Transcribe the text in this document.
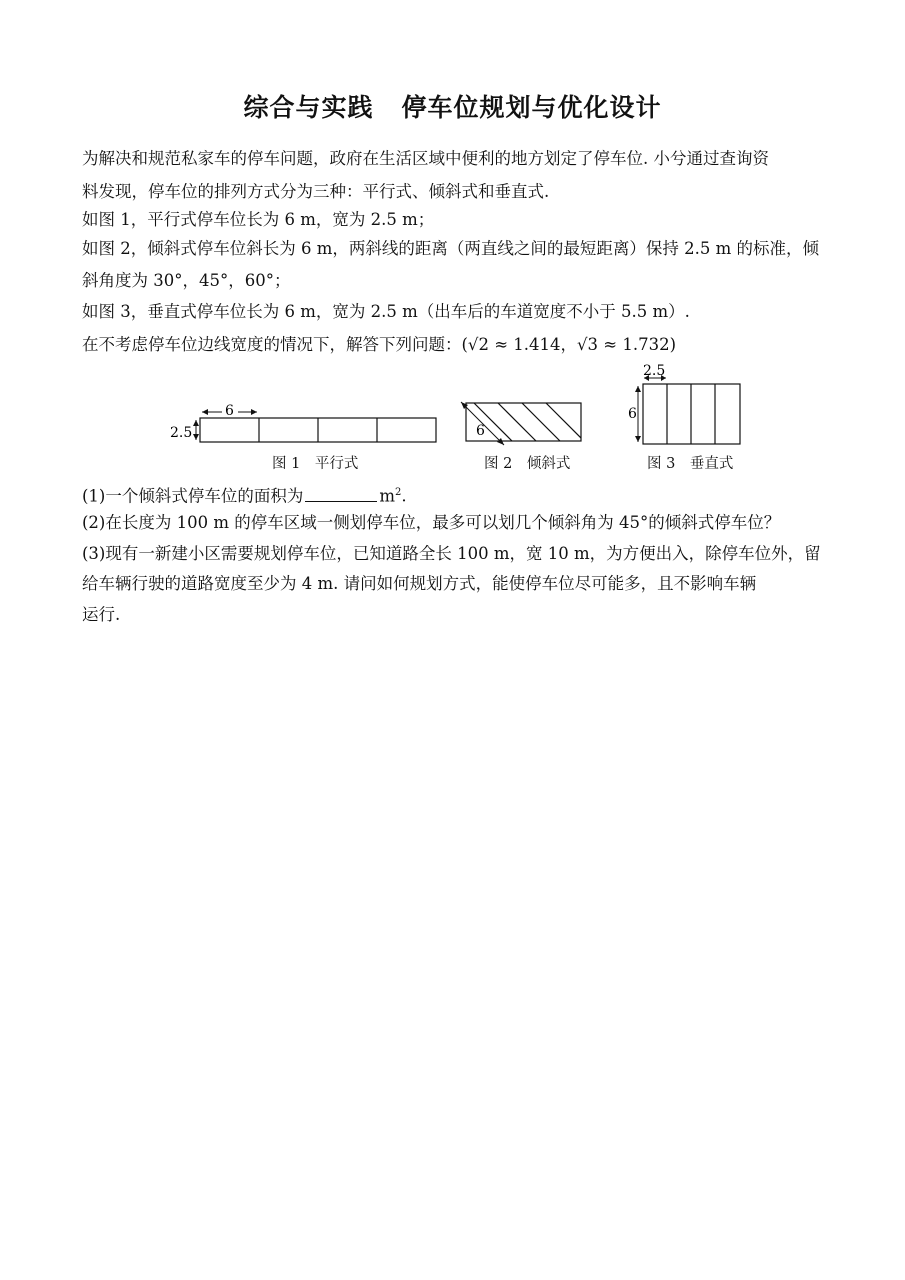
综合与实践 停车位规划与优化设计
为解决和规范私家车的停车问题，政府在生活区域中便利的地方划定了停车位. 小兮通过查询资
料发现，停车位的排列方式分为三种：平行式、倾斜式和垂直式.
如图 1，平行式停车位长为 6 m，宽为 2.5 m；
如图 2，倾斜式停车位斜长为 6 m，两斜线的距离（两直线之间的最短距离）保持 2.5 m 的标准，倾
斜角度为 30°，45°，60°；
如图 3，垂直式停车位长为 6 m，宽为 2.5 m（出车后的车道宽度不小于 5.5 m）.
在不考虑停车位边线宽度的情况下，解答下列问题：(√2 ≈ 1.414，√3 ≈ 1.732)
6
2.5
图 1　平行式
6
图 2　倾斜式
2.5
6
图 3　垂直式
(1)一个倾斜式停车位的面积为	$m^2$.
(2)在长度为 100 m 的停车区域一侧划停车位，最多可以划几个倾斜角为 45°的倾斜式停车位？
(3)现有一新建小区需要规划停车位，已知道路全长 100 m，宽 10 m，为方便出入，除停车位外，留
给车辆行驶的道路宽度至少为 4 m. 请问如何规划方式，能使停车位尽可能多，且不影响车辆
运行.
